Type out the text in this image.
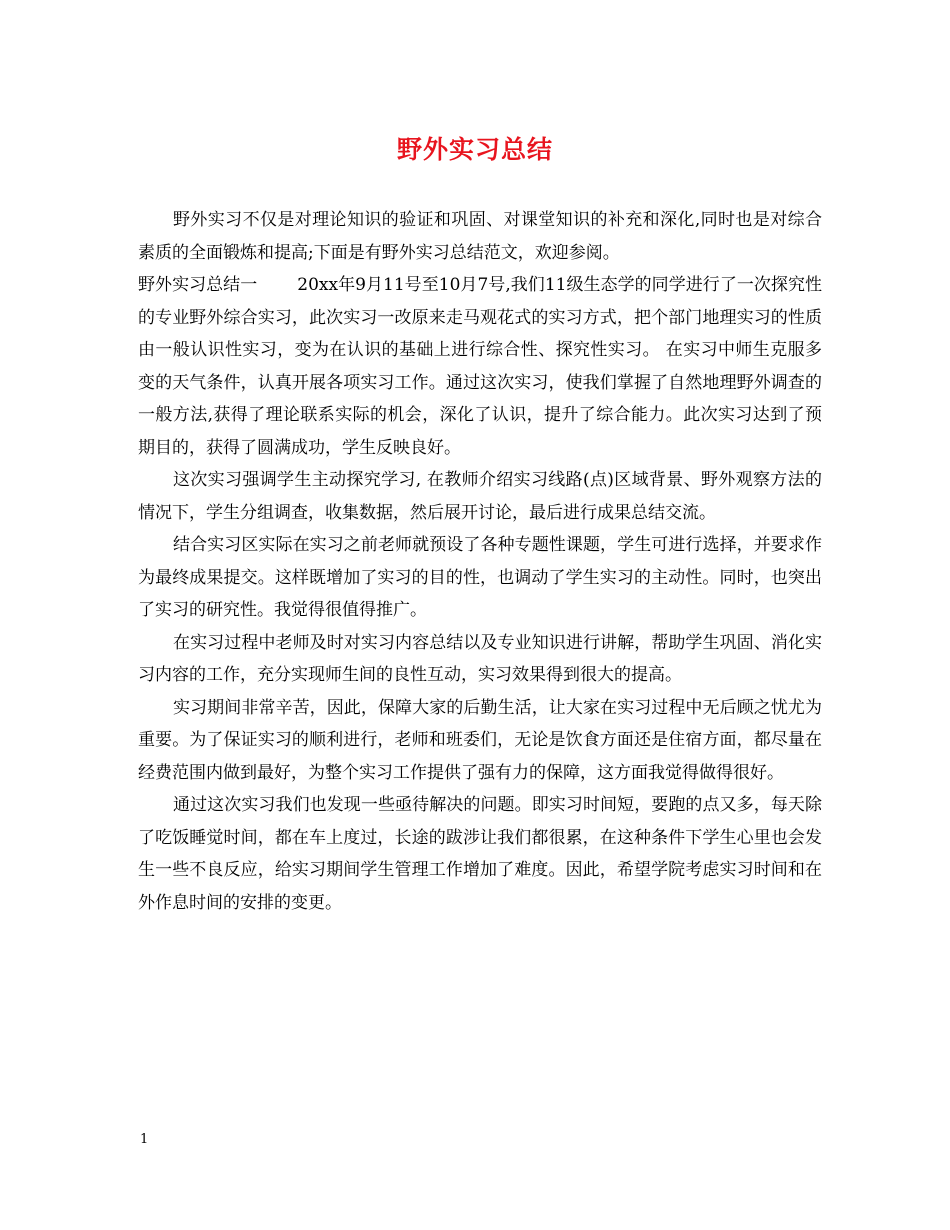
野外实习总结

野外实习不仅是对理论知识的验证和巩固、对课堂知识的补充和深化,同时也是对综合素质的全面锻炼和提高;下面是有野外实习总结范文，欢迎参阅。

野外实习总结一 20xx年9月11号至10月7号,我们11级生态学的同学进行了一次探究性的专业野外综合实习，此次实习一改原来走马观花式的实习方式，把个部门地理实习的性质由一般认识性实习，变为在认识的基础上进行综合性、探究性实习。 在实习中师生克服多变的天气条件，认真开展各项实习工作。通过这次实习，使我们掌握了自然地理野外调查的一般方法,获得了理论联系实际的机会，深化了认识，提升了综合能力。此次实习达到了预期目的，获得了圆满成功，学生反映良好。

这次实习强调学生主动探究学习, 在教师介绍实习线路(点)区域背景、野外观察方法的情况下，学生分组调查，收集数据，然后展开讨论，最后进行成果总结交流。

结合实习区实际在实习之前老师就预设了各种专题性课题，学生可进行选择，并要求作为最终成果提交。这样既增加了实习的目的性，也调动了学生实习的主动性。同时，也突出了实习的研究性。我觉得很值得推广。

在实习过程中老师及时对实习内容总结以及专业知识进行讲解，帮助学生巩固、消化实习内容的工作，充分实现师生间的良性互动，实习效果得到很大的提高。

实习期间非常辛苦，因此，保障大家的后勤生活，让大家在实习过程中无后顾之忧尤为重要。为了保证实习的顺利进行，老师和班委们，无论是饮食方面还是住宿方面，都尽量在经费范围内做到最好，为整个实习工作提供了强有力的保障，这方面我觉得做得很好。

通过这次实习我们也发现一些亟待解决的问题。即实习时间短，要跑的点又多，每天除了吃饭睡觉时间，都在车上度过，长途的跋涉让我们都很累，在这种条件下学生心里也会发生一些不良反应，给实习期间学生管理工作增加了难度。因此，希望学院考虑实习时间和在外作息时间的安排的变更。

1
